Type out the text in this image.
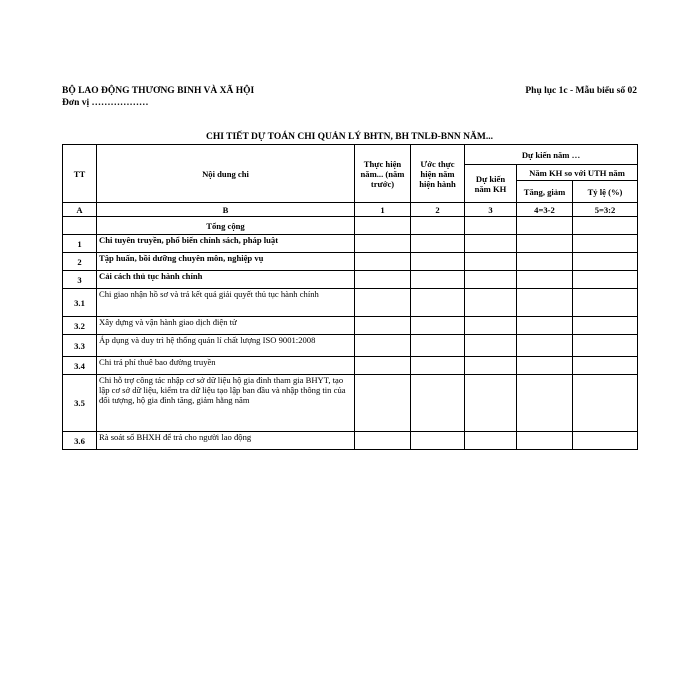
BỘ LAO ĐỘNG THƯƠNG BINH VÀ XÃ HỘI
Đơn vị ………………
Phụ lục 1c - Mẫu biểu số 02
CHI TIẾT DỰ TOÁN CHI QUẢN LÝ BHTN, BH TNLĐ-BNN NĂM...
TT	Nội dung chi	Thực hiện năm... (năm trước)	Ước thực hiện năm hiện hành	Dự kiến năm …		
				Dự kiến năm KH	Năm KH so với UTH năm	
					Tăng, giảm	Tỷ lệ (%)
A	B	1	2	3	4=3-2	5=3:2
	Tổng cộng					
1	Chi tuyên truyền, phổ biến chính sách, pháp luật					
2	Tập huấn, bồi dưỡng chuyên môn, nghiệp vụ					
3	Cải cách thủ tục hành chính					
3.1	Chi giao nhận hồ sơ và trả kết quả giải quyết thủ tục hành chính					
3.2	Xây dựng và vận hành giao dịch điện tử					
3.3	Áp dụng và duy trì hệ thống quản lí chất lượng ISO 9001:2008					
3.4	Chi trả phí thuê bao đường truyền					
3.5	Chi hỗ trợ công tác nhập cơ sở dữ liệu hộ gia đình tham gia BHYT, tạo lập cơ sở dữ liệu, kiểm tra dữ liệu tạo lập ban đầu và nhập thông tin của đối tượng, hộ gia đình tăng, giảm hằng năm					
3.6	Rà soát sổ BHXH để trả cho người lao động					
